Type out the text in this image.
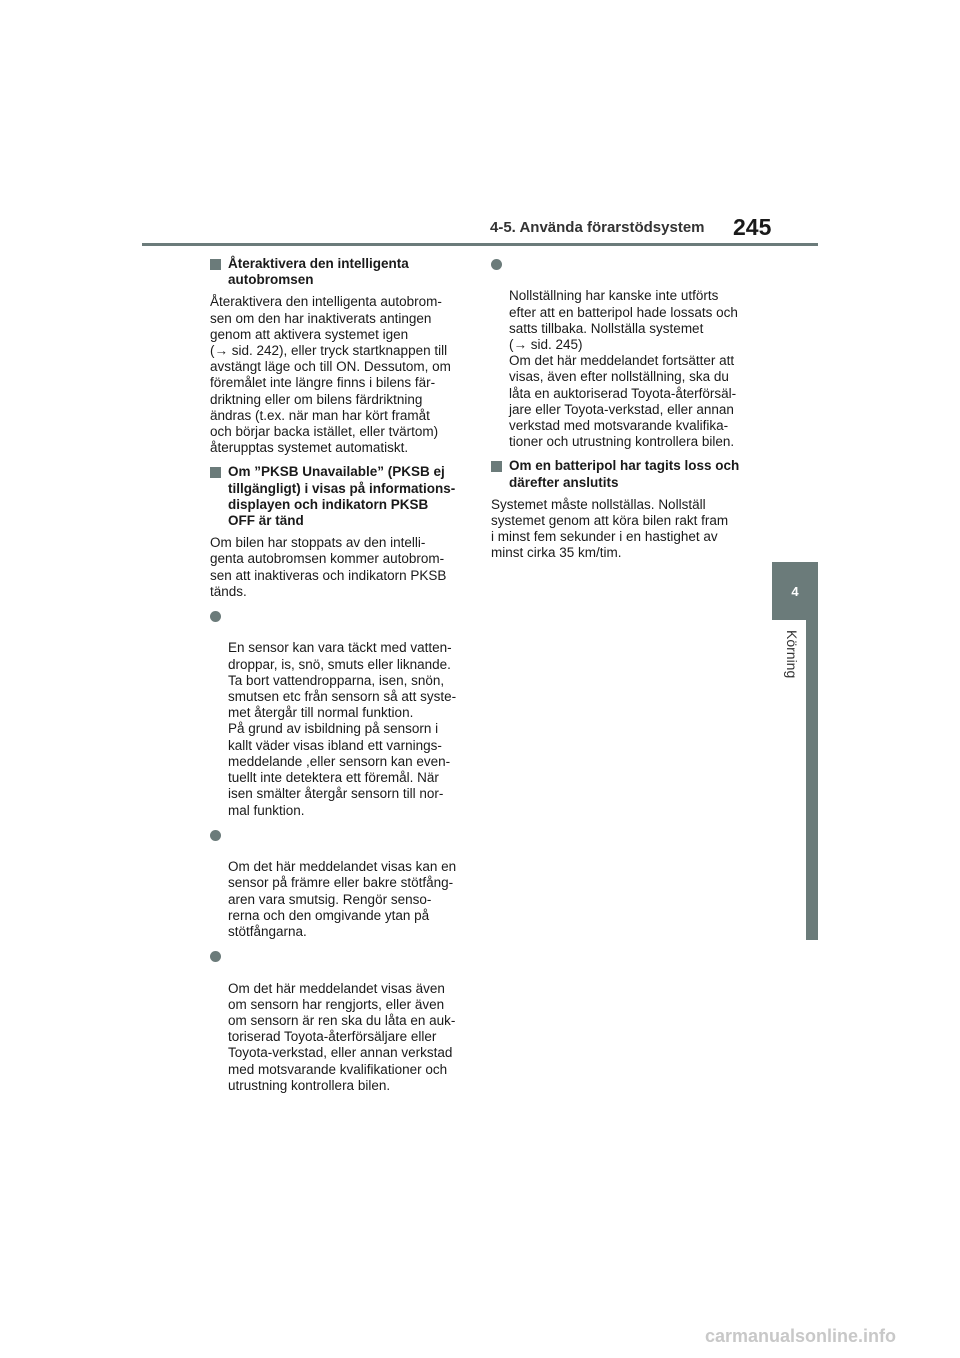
4-5. Använda förarstödsystem 245
4
Körning
Återaktivera den intelligenta
autobromsen

Återaktivera den intelligenta autobrom-
sen om den har inaktiverats antingen
genom att aktivera systemet igen
(→ sid. 242), eller tryck startknappen till
avstängt läge och till ON. Dessutom, om
föremålet inte längre finns i bilens fär-
driktning eller om bilens färdriktning
ändras (t.ex. när man har kört framåt
och börjar backa istället, eller tvärtom)
återupptas systemet automatiskt.

Om ”PKSB Unavailable” (PKSB ej
tillgängligt) i visas på informations-
displayen och indikatorn PKSB
OFF är tänd

Om bilen har stoppats av den intelli-
genta autobromsen kommer autobrom-
sen att inaktiveras och indikatorn PKSB
tänds.

En sensor kan vara täckt med vatten-
droppar, is, snö, smuts eller liknande.
Ta bort vattendropparna, isen, snön,
smutsen etc från sensorn så att syste-
met återgår till normal funktion.
På grund av isbildning på sensorn i
kallt väder visas ibland ett varnings-
meddelande ,eller sensorn kan even-
tuellt inte detektera ett föremål. När
isen smälter återgår sensorn till nor-
mal funktion.

Om det här meddelandet visas kan en
sensor på främre eller bakre stötfång-
aren vara smutsig. Rengör senso-
rerna och den omgivande ytan på
stötfångarna.

Om det här meddelandet visas även
om sensorn har rengjorts, eller även
om sensorn är ren ska du låta en auk-
toriserad Toyota-återförsäljare eller
Toyota-verkstad, eller annan verkstad
med motsvarande kvalifikationer och
utrustning kontrollera bilen.

Nollställning har kanske inte utförts
efter att en batteripol hade lossats och
satts tillbaka. Nollställa systemet
(→ sid. 245)
Om det här meddelandet fortsätter att
visas, även efter nollställning, ska du
låta en auktoriserad Toyota-återförsäl-
jare eller Toyota-verkstad, eller annan
verkstad med motsvarande kvalifika-
tioner och utrustning kontrollera bilen.

Om en batteripol har tagits loss och
därefter anslutits

Systemet måste nollställas. Nollställ
systemet genom att köra bilen rakt fram
i minst fem sekunder i en hastighet av
minst cirka 35 km/tim.

carmanualsonline.info
